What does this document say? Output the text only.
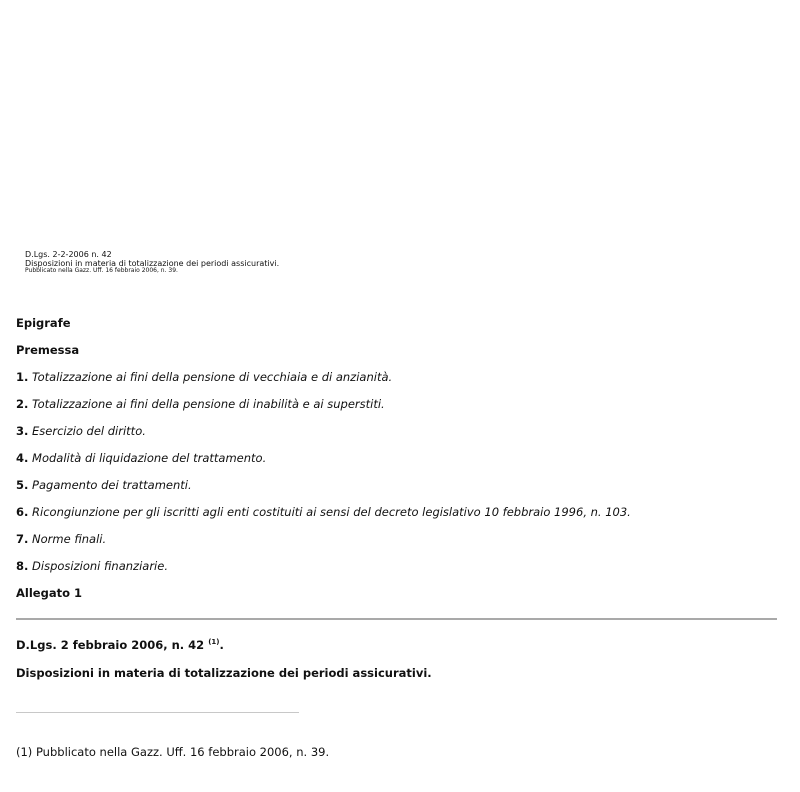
D.Lgs. 2-2-2006 n. 42
Disposizioni in materia di totalizzazione dei periodi assicurativi.
Pubblicato nella Gazz. Uff. 16 febbraio 2006, n. 39.
Epigrafe
Premessa
1. Totalizzazione ai fini della pensione di vecchiaia e di anzianità.
2. Totalizzazione ai fini della pensione di inabilità e ai superstiti.
3. Esercizio del diritto.
4. Modalità di liquidazione del trattamento.
5. Pagamento dei trattamenti.
6. Ricongiunzione per gli iscritti agli enti costituiti ai sensi del decreto legislativo 10 febbraio 1996, n. 103.
7. Norme finali.
8. Disposizioni finanziarie.
Allegato 1
D.Lgs. 2 febbraio 2006, n. 42 $^{(1)}$.
Disposizioni in materia di totalizzazione dei periodi assicurativi.
(1) Pubblicato nella Gazz. Uff. 16 febbraio 2006, n. 39.
